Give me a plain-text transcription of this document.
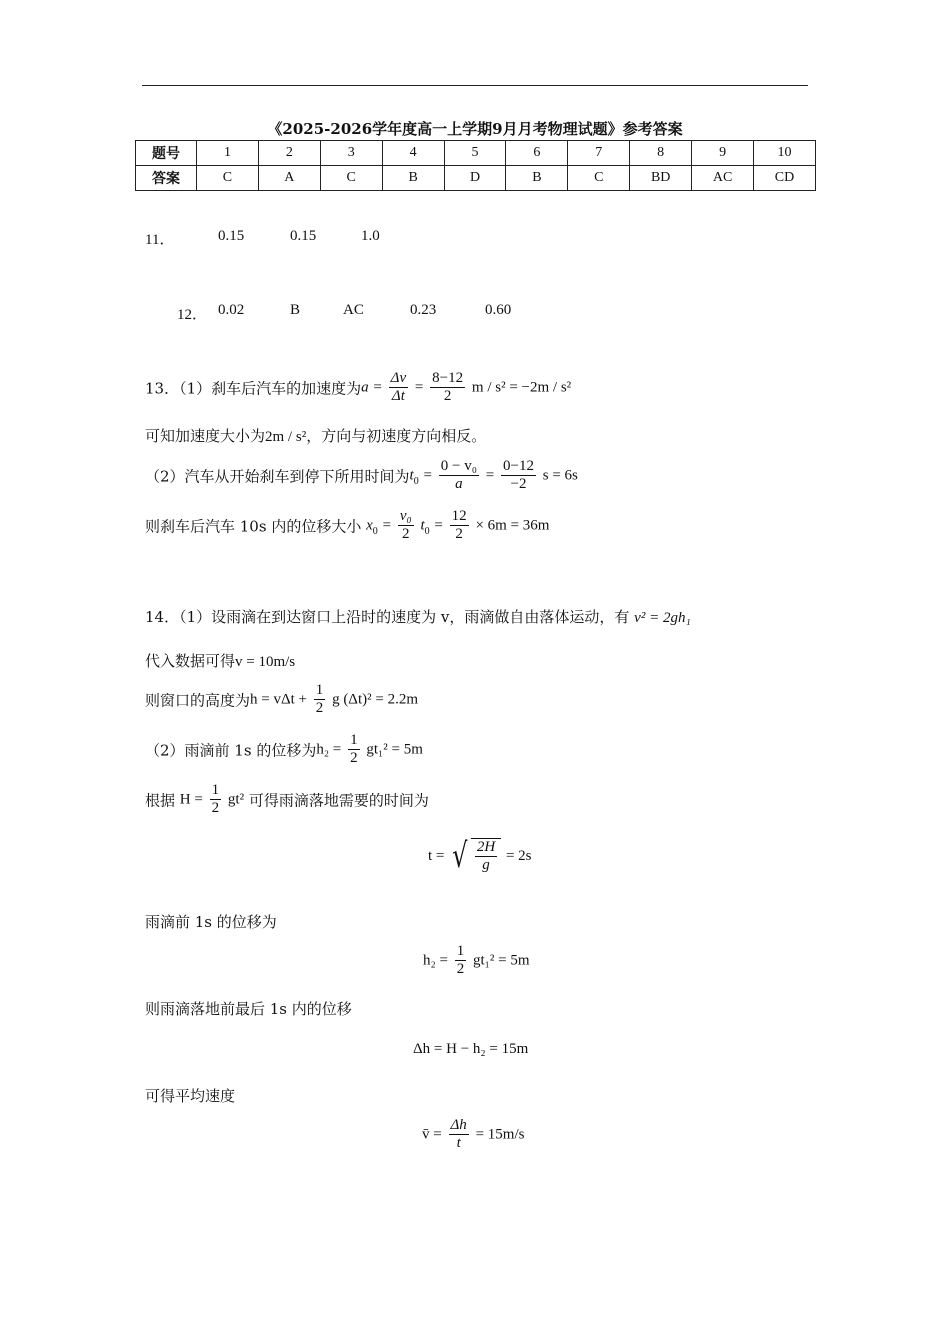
《2025-2026学年度高一上学期9月月考物理试题》参考答案
题号	1	2	3	4	5	6	7	8	9	10
答案	C	A	C	B	D	B	C	BD	AC	CD
11．	0.15	0.15	1.0
12． 0.02	B	AC	0.23	0.60
13．（1）刹车后汽车的加速度为$a = \frac{\Delta v}{\Delta t} = \frac{8-12}{2}$ m / s² = −2m / s²
可知加速度大小为2m / s²，方向与初速度方向相反。
（2）汽车从开始刹车到停下所用时间为$t_0 = \frac{\text{0 − v₀}}{a} = \frac{0-12}{-2}$ s = 6s
则刹车后汽车 10s 内的位移大小 $x_0 = \frac{\text{v₀}}{2} t_0 = \frac{12}{2} \times 6m = 36m$
14．（1）设雨滴在到达窗口上沿时的速度为 v，雨滴做自由落体运动，有 v² = 2gh₁
代入数据可得v = 10m/s
则窗口的高度为$h = v\Delta t + \frac{1}{2}$ g (Δt)² = 2.2m
（2）雨滴前 1s 的位移为$h_2 = \frac{1}{2} gt_1^2 = 5m$
根据 $H = \frac{1}{2} gt^2$ 可得雨滴落地需要的时间为
t = √ $\frac{2H}{g} = 2s$
雨滴前 1s 的位移为
$h_2 = \frac{1}{2} gt_1^2 = 5m$
则雨滴落地前最后 1s 内的位移
Δh = H − h₂ = 15m
可得平均速度
v̄ = $\frac{\Delta h}{t} = 15m/s$
